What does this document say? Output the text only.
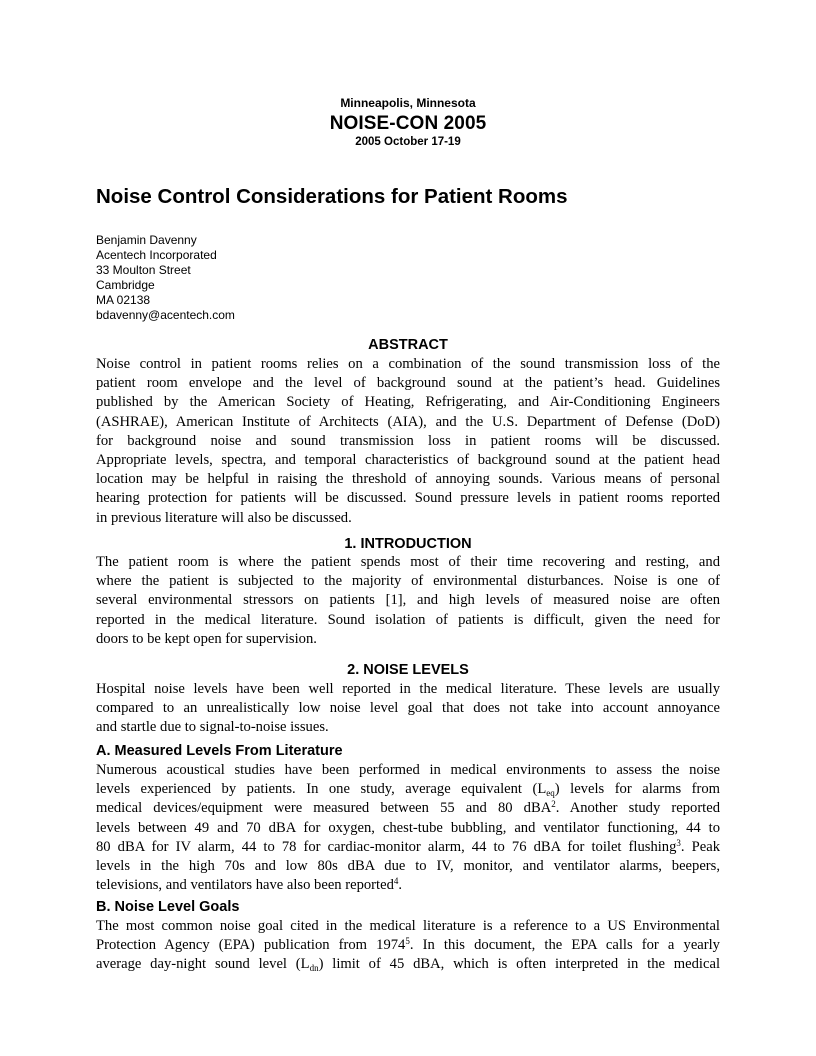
Minneapolis, Minnesota
NOISE-CON 2005
2005 October 17-19
Noise Control Considerations for Patient Rooms
Benjamin Davenny
Acentech Incorporated
33 Moulton Street
Cambridge
MA 02138
bdavenny@acentech.com
ABSTRACT
Noise control in patient rooms relies on a combination of the sound transmission loss of the
patient room envelope and the level of background sound at the patient’s head. Guidelines
published by the American Society of Heating, Refrigerating, and Air-Conditioning Engineers
(ASHRAE), American Institute of Architects (AIA), and the U.S. Department of Defense (DoD)
for background noise and sound transmission loss in patient rooms will be discussed.
Appropriate levels, spectra, and temporal characteristics of background sound at the patient head
location may be helpful in raising the threshold of annoying sounds. Various means of personal
hearing protection for patients will be discussed. Sound pressure levels in patient rooms reported
in previous literature will also be discussed.
1. INTRODUCTION
The patient room is where the patient spends most of their time recovering and resting, and
where the patient is subjected to the majority of environmental disturbances. Noise is one of
several environmental stressors on patients [1], and high levels of measured noise are often
reported in the medical literature. Sound isolation of patients is difficult, given the need for
doors to be kept open for supervision.
2. NOISE LEVELS
Hospital noise levels have been well reported in the medical literature. These levels are usually
compared to an unrealistically low noise level goal that does not take into account annoyance
and startle due to signal-to-noise issues.
A. Measured Levels From Literature
Numerous acoustical studies have been performed in medical environments to assess the noise
levels experienced by patients. In one study, average equivalent $(L_{eq})$ levels for alarms from
medical devices/equipment were measured between 55 and 80 dBA$^2$. Another study reported
levels between 49 and 70 dBA for oxygen, chest-tube bubbling, and ventilator functioning, 44 to
80 dBA for IV alarm, 44 to 78 for cardiac-monitor alarm, 44 to 76 dBA for toilet flushing$^3$. Peak
levels in the high 70s and low 80s dBA due to IV, monitor, and ventilator alarms, beepers,
televisions, and ventilators have also been reported$^4$.
B. Noise Level Goals
The most common noise goal cited in the medical literature is a reference to a US Environmental
Protection Agency (EPA) publication from 1974$^5$. In this document, the EPA calls for a yearly
average day-night sound level $(L_{dn})$ limit of 45 dBA, which is often interpreted in the medical
